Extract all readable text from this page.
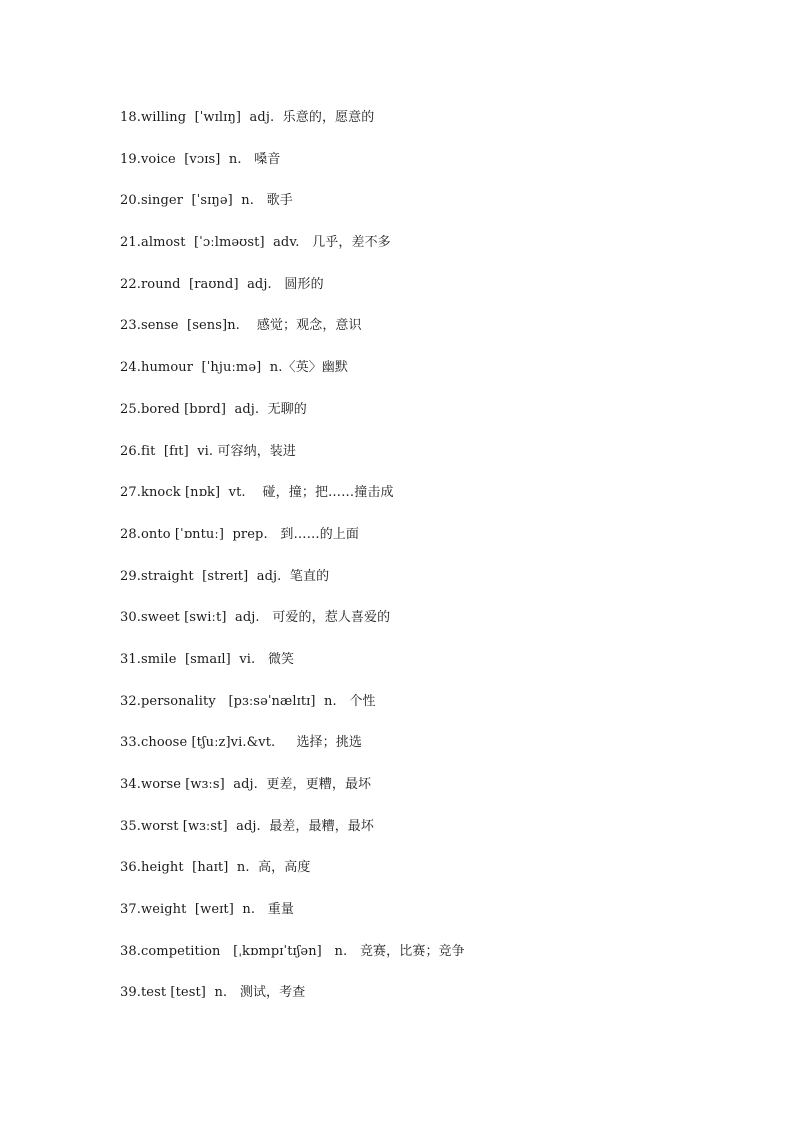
18.willing  [ˈwɪlɪŋ]  adj.  乐意的，愿意的
19.voice  [vɔɪs]  n.   嗓音
20.singer  [ˈsɪŋə]  n.   歌手
21.almost  [ˈɔːlməʊst]  adv.   几乎，差不多
22.round  [raʊnd]  adj.   圆形的
23.sense  [sens]n.    感觉；观念，意识
24.humour  [ˈhjuːmə]  n.〈英〉幽默
25.bored [bɒrd]  adj.  无聊的
26.fit  [fɪt]  vi. 可容纳，装进
27.knock [nɒk]  vt.    碰，撞；把……撞击成
28.onto [ˈɒntuː]  prep.   到……的上面
29.straight  [streɪt]  adj.  笔直的
30.sweet [swiːt]  adj.   可爱的，惹人喜爱的
31.smile  [smaɪl]  vi.   微笑
32.personality   [pɜːsəˈnælɪtɪ]  n.   个性
33.choose [tʃuːz]vi.&vt.     选择；挑选
34.worse [wɜːs]  adj.  更差，更糟，最坏
35.worst [wɜːst]  adj.  最差，最糟，最坏
36.height  [haɪt]  n.  高，高度
37.weight  [weɪt]  n.   重量
38.competition   [ˌkɒmpɪˈtɪʃən]   n.   竞赛，比赛；竞争
39.test [test]  n.   测试，考查
